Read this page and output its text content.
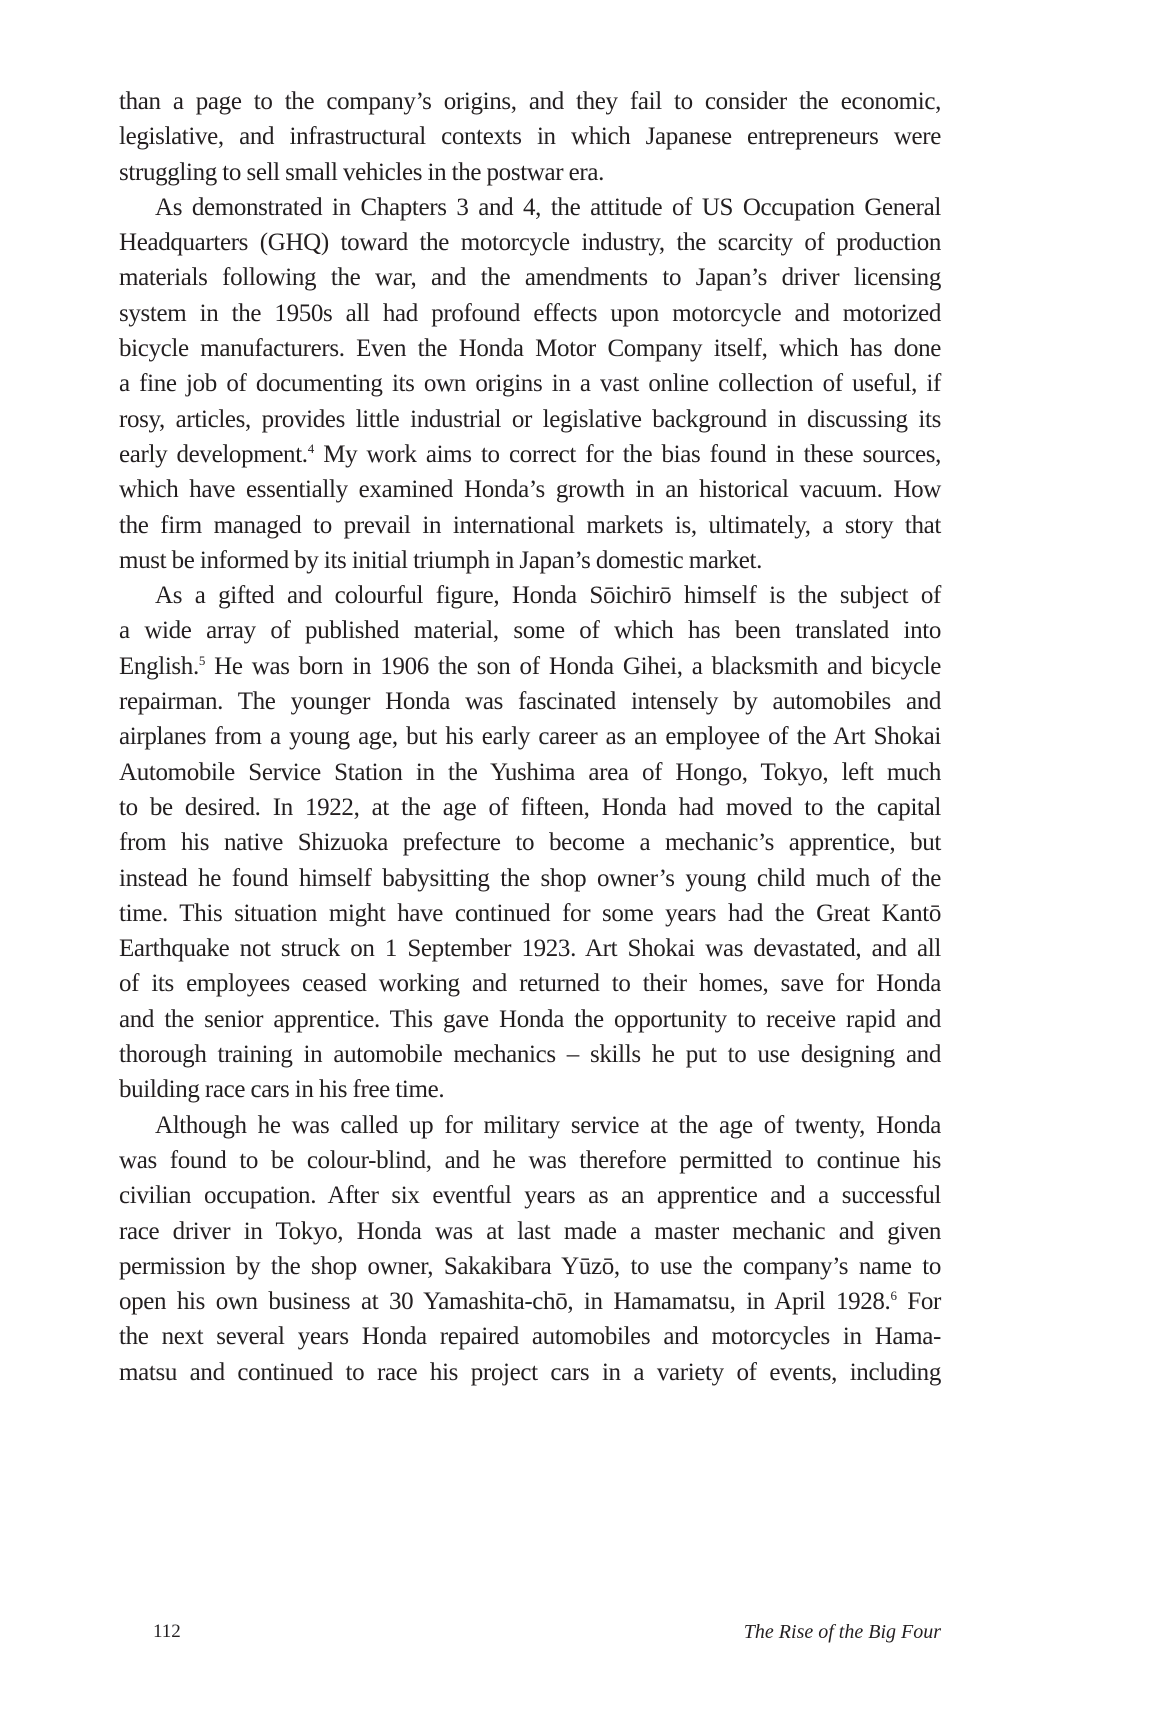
than a page to the company’s origins, and they fail to consider the economic,
legislative, and infrastructural contexts in which Japanese entrepreneurs were
struggling to sell small vehicles in the postwar era.
As demonstrated in Chapters 3 and 4, the attitude of US Occupation General
Headquarters (GHQ) toward the motorcycle industry, the scarcity of production
materials following the war, and the amendments to Japan’s driver licensing
system in the 1950s all had profound effects upon motorcycle and motorized
bicycle manufacturers. Even the Honda Motor Company itself, which has done
a fine job of documenting its own origins in a vast online collection of useful, if
rosy, articles, provides little industrial or legislative background in discussing its
early development.$^4$ My work aims to correct for the bias found in these sources,
which have essentially examined Honda’s growth in an historical vacuum. How
the firm managed to prevail in international markets is, ultimately, a story that
must be informed by its initial triumph in Japan’s domestic market.
As a gifted and colourful figure, Honda Sōichirō himself is the subject of
a wide array of published material, some of which has been translated into
English.$^5$ He was born in 1906 the son of Honda Gihei, a blacksmith and bicycle
repairman. The younger Honda was fascinated intensely by automobiles and
airplanes from a young age, but his early career as an employee of the Art Shokai
Automobile Service Station in the Yushima area of Hongo, Tokyo, left much
to be desired. In 1922, at the age of fifteen, Honda had moved to the capital
from his native Shizuoka prefecture to become a mechanic’s apprentice, but
instead he found himself babysitting the shop owner’s young child much of the
time. This situation might have continued for some years had the Great Kantō
Earthquake not struck on 1 September 1923. Art Shokai was devastated, and all
of its employees ceased working and returned to their homes, save for Honda
and the senior apprentice. This gave Honda the opportunity to receive rapid and
thorough training in automobile mechanics – skills he put to use designing and
building race cars in his free time.
Although he was called up for military service at the age of twenty, Honda
was found to be colour-blind, and he was therefore permitted to continue his
civilian occupation. After six eventful years as an apprentice and a successful
race driver in Tokyo, Honda was at last made a master mechanic and given
permission by the shop owner, Sakakibara Yūzō, to use the company’s name to
open his own business at 30 Yamashita-chō, in Hamamatsu, in April 1928.$^6$ For
the next several years Honda repaired automobiles and motorcycles in Hama-
matsu and continued to race his project cars in a variety of events, including
112	The Rise of the Big Four
